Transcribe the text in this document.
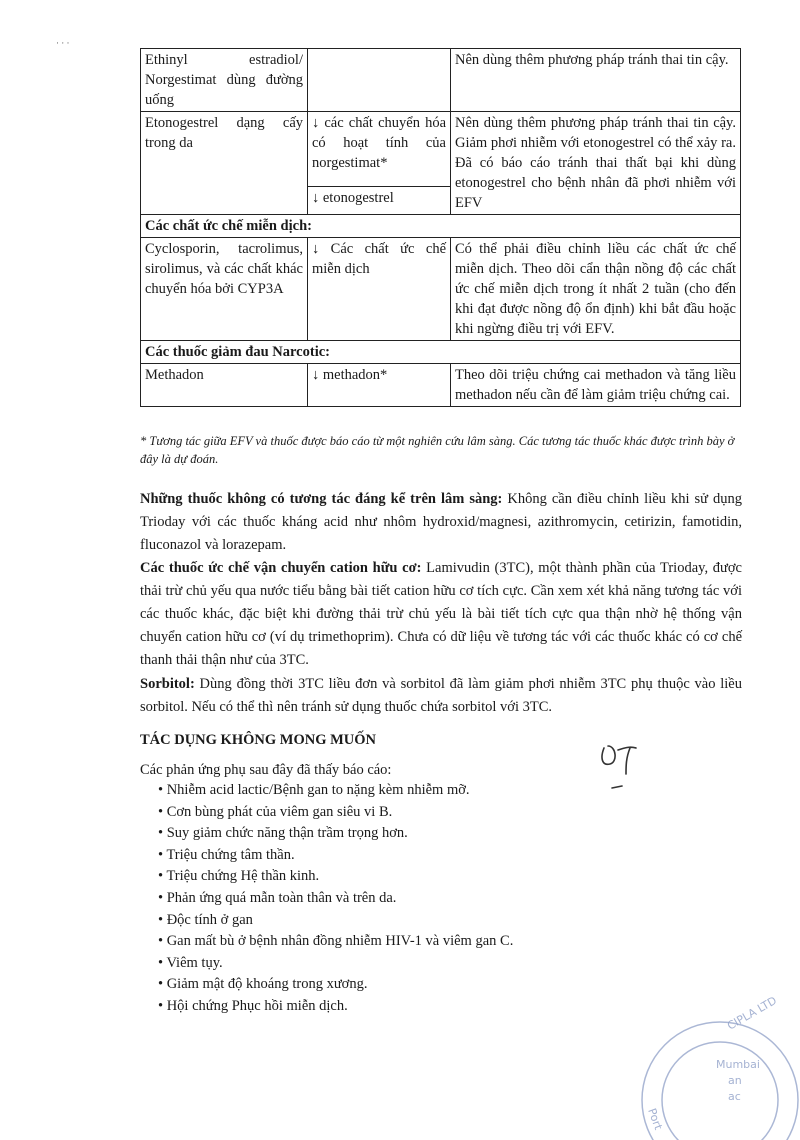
· · ·
Ethinyl estradiol/ Norgestimat dùng đường uống		Nên dùng thêm phương pháp tránh thai tin cậy.
Etonogestrel dạng cấy trong da	↓ các chất chuyển hóa có hoạt tính của norgestimat*	Nên dùng thêm phương pháp tránh thai tin cậy. Giảm phơi nhiễm với etonogestrel có thể xảy ra. Đã có báo cáo tránh thai thất bại khi dùng etonogestrel cho bệnh nhân đã phơi nhiễm với EFV
	↓ etonogestrel	
Các chất ức chế miễn dịch:		
Cyclosporin, tacrolimus, sirolimus, và các chất khác chuyển hóa bởi CYP3A	↓ Các chất ức chế miễn dịch	Có thể phải điều chỉnh liều các chất ức chế miễn dịch. Theo dõi cẩn thận nồng độ các chất ức chế miễn dịch trong ít nhất 2 tuần (cho đến khi đạt được nồng độ ổn định) khi bắt đầu hoặc khi ngừng điều trị với EFV.
Các thuốc giảm đau Narcotic:		
Methadon	↓ methadon*	Theo dõi triệu chứng cai methadon và tăng liều methadon nếu cần để làm giảm triệu chứng cai.
* Tương tác giữa EFV và thuốc được báo cáo từ một nghiên cứu lâm sàng. Các tương tác thuốc khác được trình bày ở đây là dự đoán.
Những thuốc không có tương tác đáng kể trên lâm sàng: Không cần điều chỉnh liều khi sử dụng Trioday với các thuốc kháng acid như nhôm hydroxid/magnesi, azithromycin, cetirizin, famotidin, fluconazol và lorazepam.
Các thuốc ức chế vận chuyển cation hữu cơ: Lamivudin (3TC), một thành phần của Trioday, được thải trừ chủ yếu qua nước tiểu bằng bài tiết cation hữu cơ tích cực. Cần xem xét khả năng tương tác với các thuốc khác, đặc biệt khi đường thải trừ chủ yếu là bài tiết tích cực qua thận nhờ hệ thống vận chuyển cation hữu cơ (ví dụ trimethoprim). Chưa có dữ liệu về tương tác với các thuốc khác có cơ chế thanh thải thận như của 3TC.
Sorbitol: Dùng đồng thời 3TC liều đơn và sorbitol đã làm giảm phơi nhiễm 3TC phụ thuộc vào liều sorbitol. Nếu có thể thì nên tránh sử dụng thuốc chứa sorbitol với 3TC.
TÁC DỤNG KHÔNG MONG MUỐN
Các phản ứng phụ sau đây đã thấy báo cáo:
• Nhiễm acid lactic/Bệnh gan to nặng kèm nhiễm mỡ.
• Cơn bùng phát của viêm gan siêu vi B.
• Suy giảm chức năng thận trầm trọng hơn.
• Triệu chứng tâm thần.
• Triệu chứng Hệ thần kinh.
• Phản ứng quá mẫn toàn thân và trên da.
• Độc tính ở gan
• Gan mất bù ở bệnh nhân đồng nhiễm HIV-1 và viêm gan C.
• Viêm tụy.
• Giảm mật độ khoáng trong xương.
• Hội chứng Phục hồi miễn dịch.	CIPLA LTD
Mumbai
an
ac
Port
